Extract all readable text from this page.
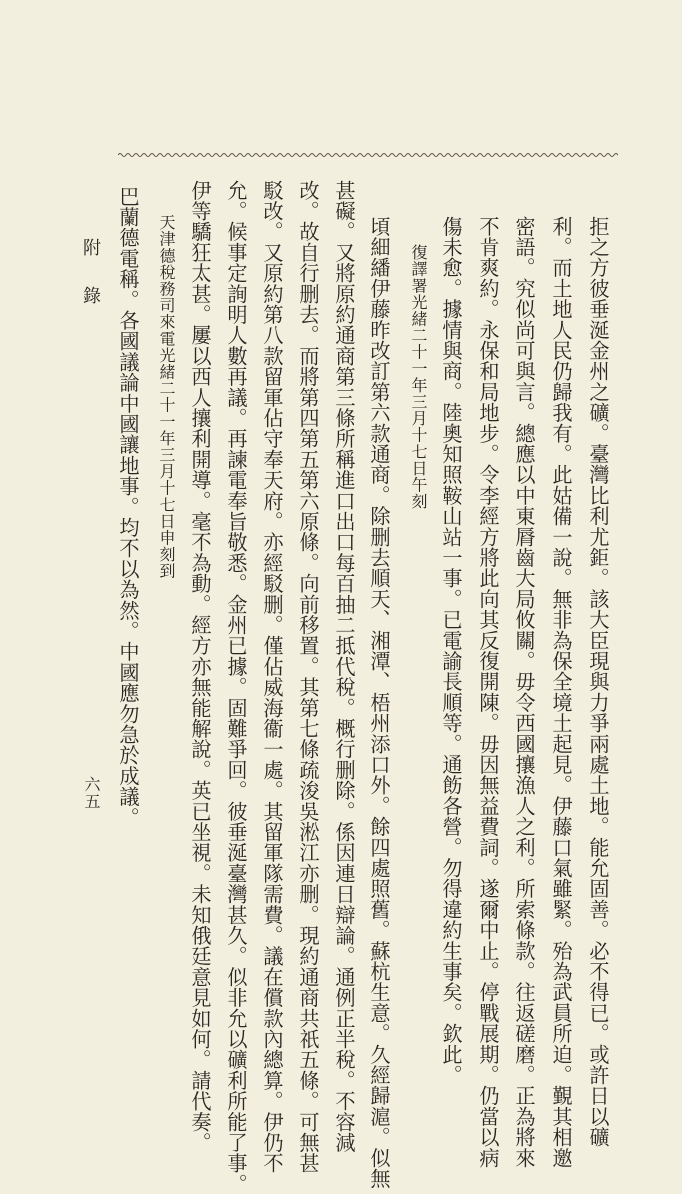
拒之方彼垂涎金州之礦。臺灣比利尤鉅。該大臣現與力爭兩處土地。能允固善。必不得已。或許日以礦
利。而土地人民仍歸我有。此姑備一說。無非為保全境土起見。伊藤口氣雖緊。殆為武員所迫。覲其相邀
密語。究似尚可與言。總應以中東脣齒大局攸關。毋令西國攘漁人之利。所索條款。往返磋磨。正為將來
不肯爽約。永保和局地步。令李經方將此向其反復開陳。毋因無益費詞。遂爾中止。停戰展期。仍當以病
傷未愈。據情與商。陸奧知照鞍山站一事。已電諭長順等。通飭各營。勿得違約生事矣。欽此。
復譯署光緒二十一年三月十七日午刻
頃細繙伊藤昨改訂第六款通商。除删去順天、湘潭、梧州添口外。餘四處照舊。蘇杭生意。久經歸滬。似無
甚礙。又將原約通商第三條所稱進口出口每百抽二抵代稅。概行删除。係因連日辯論。通例正半稅。不容減
改。故自行删去。而將第四第五第六原條。向前移置。其第七條疏浚吳淞江亦删。現約通商共祇五條。可無甚
駁改。又原約第八款留軍佔守奉天府。亦經駁删。僅佔威海衞一處。其留軍隊需費。議在償款內總算。伊仍不
允。候事定詢明人數再議。再諫電奉旨敬悉。金州已據。固難爭回。彼垂涎臺灣甚久。似非允以礦利所能了事。
伊等驕狂太甚。屢以西人攘利開導。毫不為動。經方亦無能解說。英已坐視。未知俄廷意見如何。請代奏。
天津德稅務司來電光緒二十一年三月十七日申刻到
巴蘭德電稱。各國議論中國讓地事。均不以為然。中國應勿急於成議。
附錄
六五
